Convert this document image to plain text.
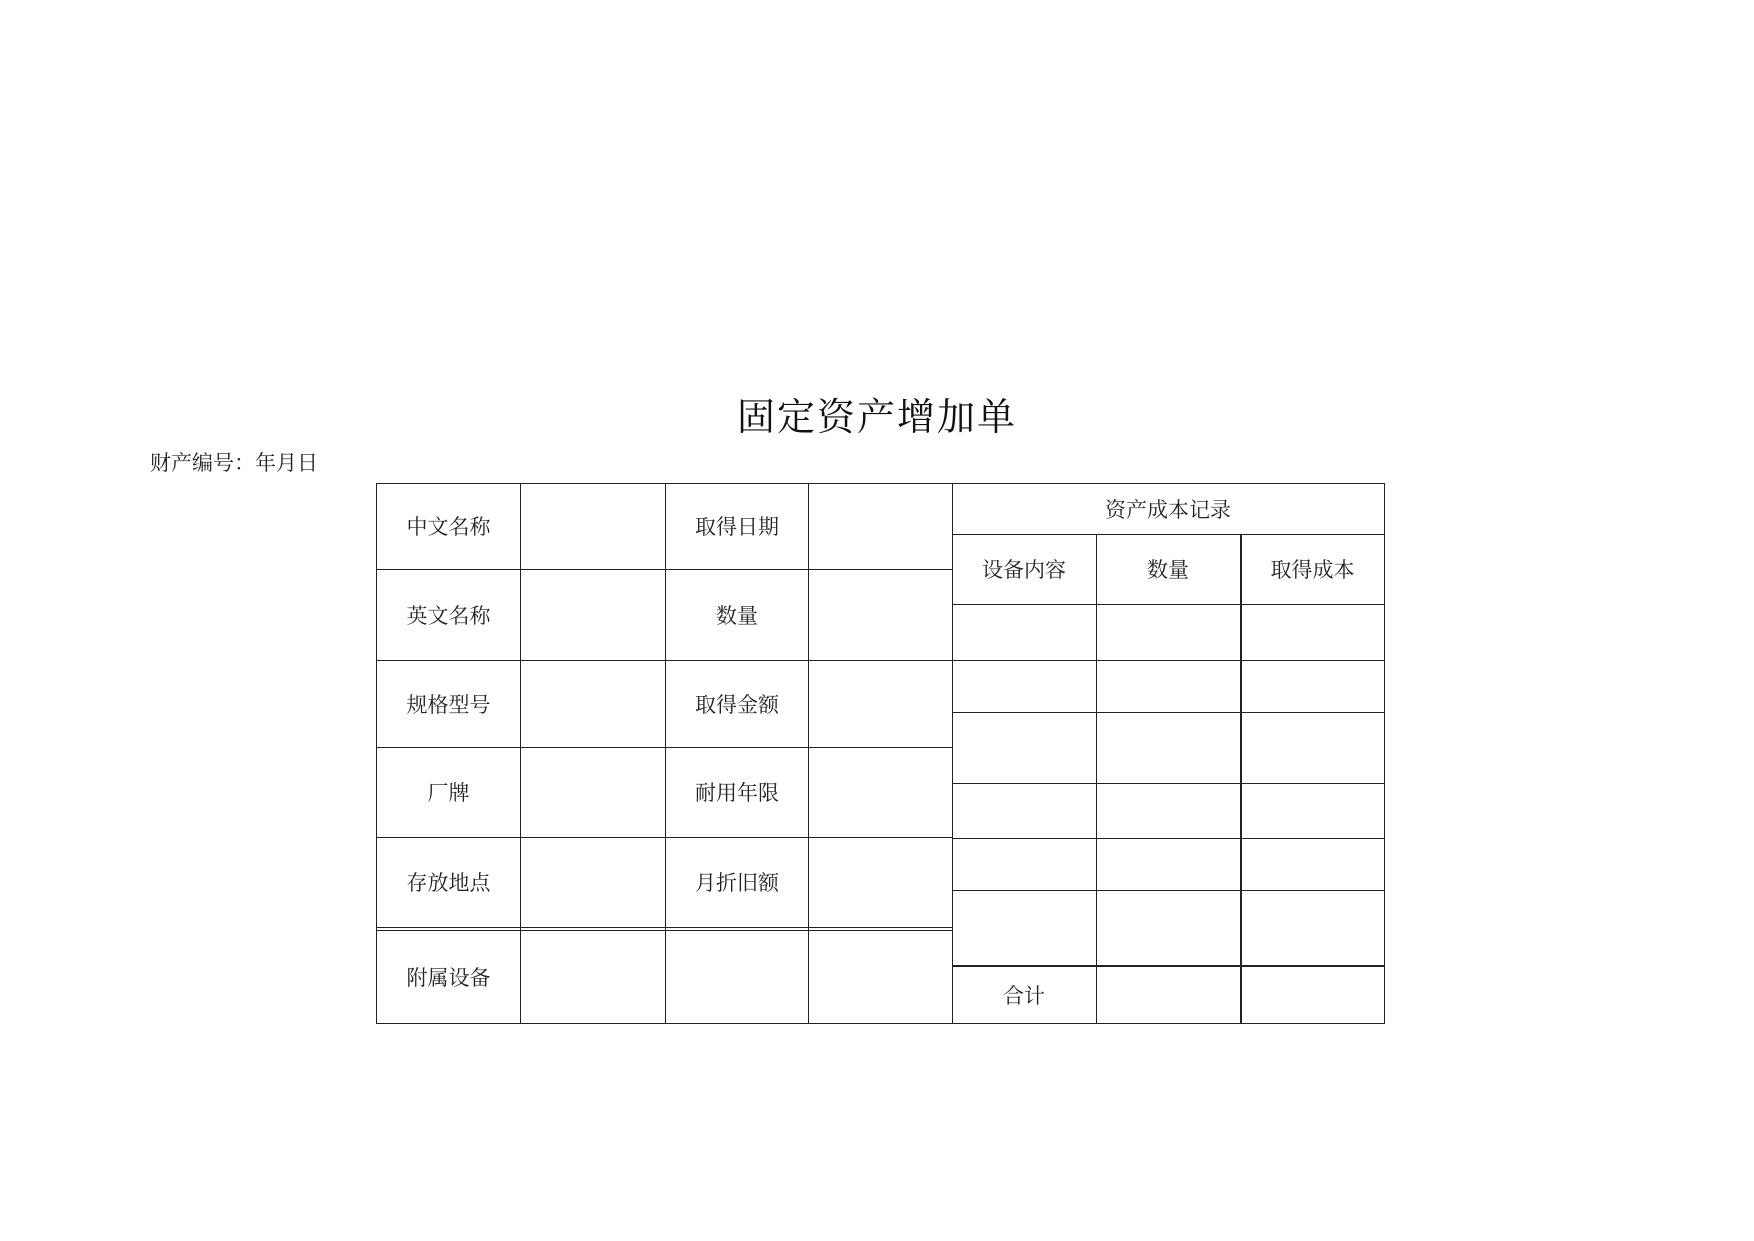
固定资产增加单
财产编号：年月日
中文名称	取得日期
英文名称	数量
规格型号	取得金额
厂牌	耐用年限
存放地点	月折旧额
附属设备
资产成本记录
设备内容	数量	取得成本
合计
